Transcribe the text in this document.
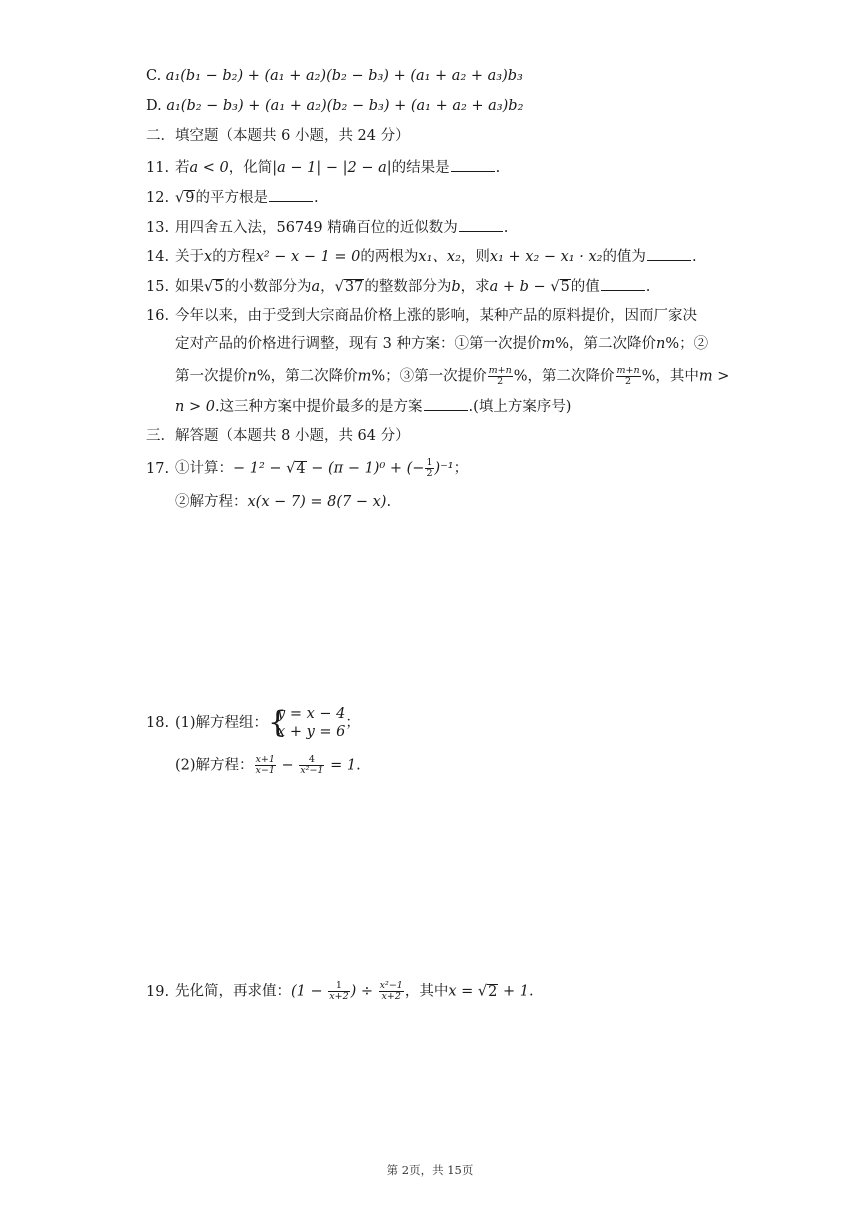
C. a₁(b₁ − b₂) + (a₁ + a₂)(b₂ − b₃) + (a₁ + a₂ + a₃)b₃
D. a₁(b₂ − b₃) + (a₁ + a₂)(b₂ − b₃) + (a₁ + a₂ + a₃)b₂
二．填空题（本题共 6 小题，共 24 分）
11. 若a < 0，化简|a − 1| − |2 − a|的结果是	.
12. √9的平方根是	.
13. 用四舍五入法，56749 精确百位的近似数为	.
14. 关于x的方程x² − x − 1 = 0的两根为x₁、x₂，则x₁ + x₂ − x₁ · x₂的值为	.
15. 如果√5的小数部分为a，√37的整数部分为b，求a + b − √5的值	.
16. 今年以来，由于受到大宗商品价格上涨的影响，某种产品的原料提价，因而厂家决
定对产品的价格进行调整，现有 3 种方案：①第一次提价m%，第二次降价n%；②
第一次提价n%，第二次降价m%；③第一次提价 $\frac{m+n}{2}$ %，第二次降价 $\frac{m+n}{2}$ %，其中m >
n > 0.这三种方案中提价最多的是方案	.(填上方案序号)
三．解答题（本题共 8 小题，共 64 分）
17. ①计算：− 1² − √4 − (π − 1)⁰ + (− $\frac{1}{2} )^{-1}$；
②解方程：x(x − 7) = 8(7 − x).
18. (1)解方程组： {
y = x − 4
x + y = 6
；
(2)解方程： $\frac{x+1}{x-1} - \frac{4}{\text{x²−1}} = 1$.
19. 先化简，再求值：($1 - \frac{1}{x+2}$ ) ÷ $\frac{\text{x²−1}}{x+2}$ ，其中x = √2 + 1.
第 2页，共 15页
